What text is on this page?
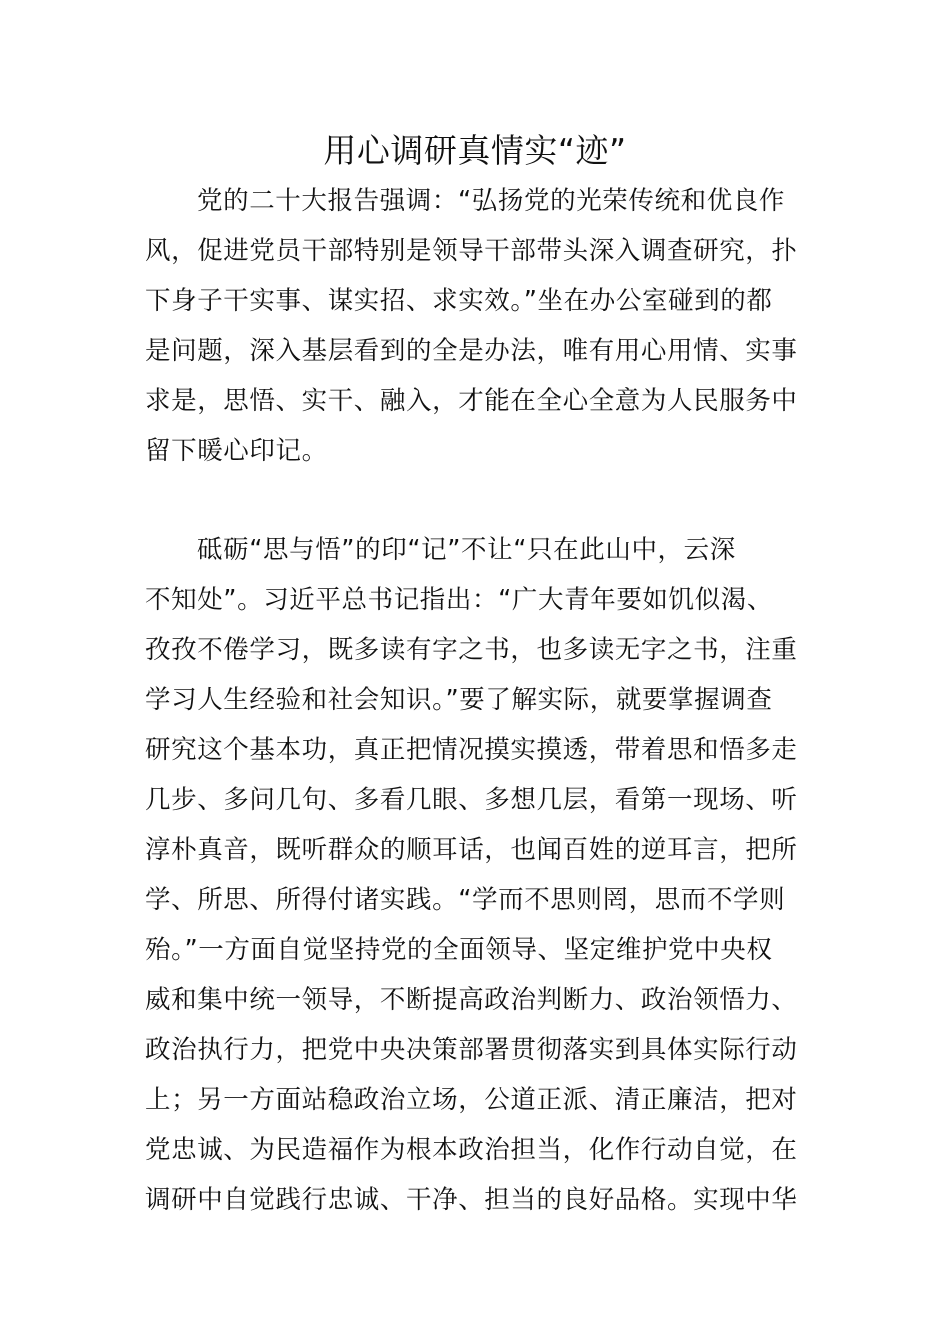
用心调研真情实“迹”
党的二十大报告强调：“弘扬党的光荣传统和优良作
风，促进党员干部特别是领导干部带头深入调查研究，扑
下身子干实事、谋实招、求实效。”坐在办公室碰到的都
是问题，深入基层看到的全是办法，唯有用心用情、实事
求是，思悟、实干、融入，才能在全心全意为人民服务中
留下暖心印记。
砥砺“思与悟”的印“记”不让“只在此山中，云深
不知处”。习近平总书记指出：“广大青年要如饥似渴、
孜孜不倦学习，既多读有字之书，也多读无字之书，注重
学习人生经验和社会知识。”要了解实际，就要掌握调查
研究这个基本功，真正把情况摸实摸透，带着思和悟多走
几步、多问几句、多看几眼、多想几层，看第一现场、听
淳朴真音，既听群众的顺耳话，也闻百姓的逆耳言，把所
学、所思、所得付诸实践。“学而不思则罔，思而不学则
殆。”一方面自觉坚持党的全面领导、坚定维护党中央权
威和集中统一领导，不断提高政治判断力、政治领悟力、
政治执行力，把党中央决策部署贯彻落实到具体实际行动
上；另一方面站稳政治立场，公道正派、清正廉洁，把对
党忠诚、为民造福作为根本政治担当，化作行动自觉，在
调研中自觉践行忠诚、干净、担当的良好品格。实现中华
